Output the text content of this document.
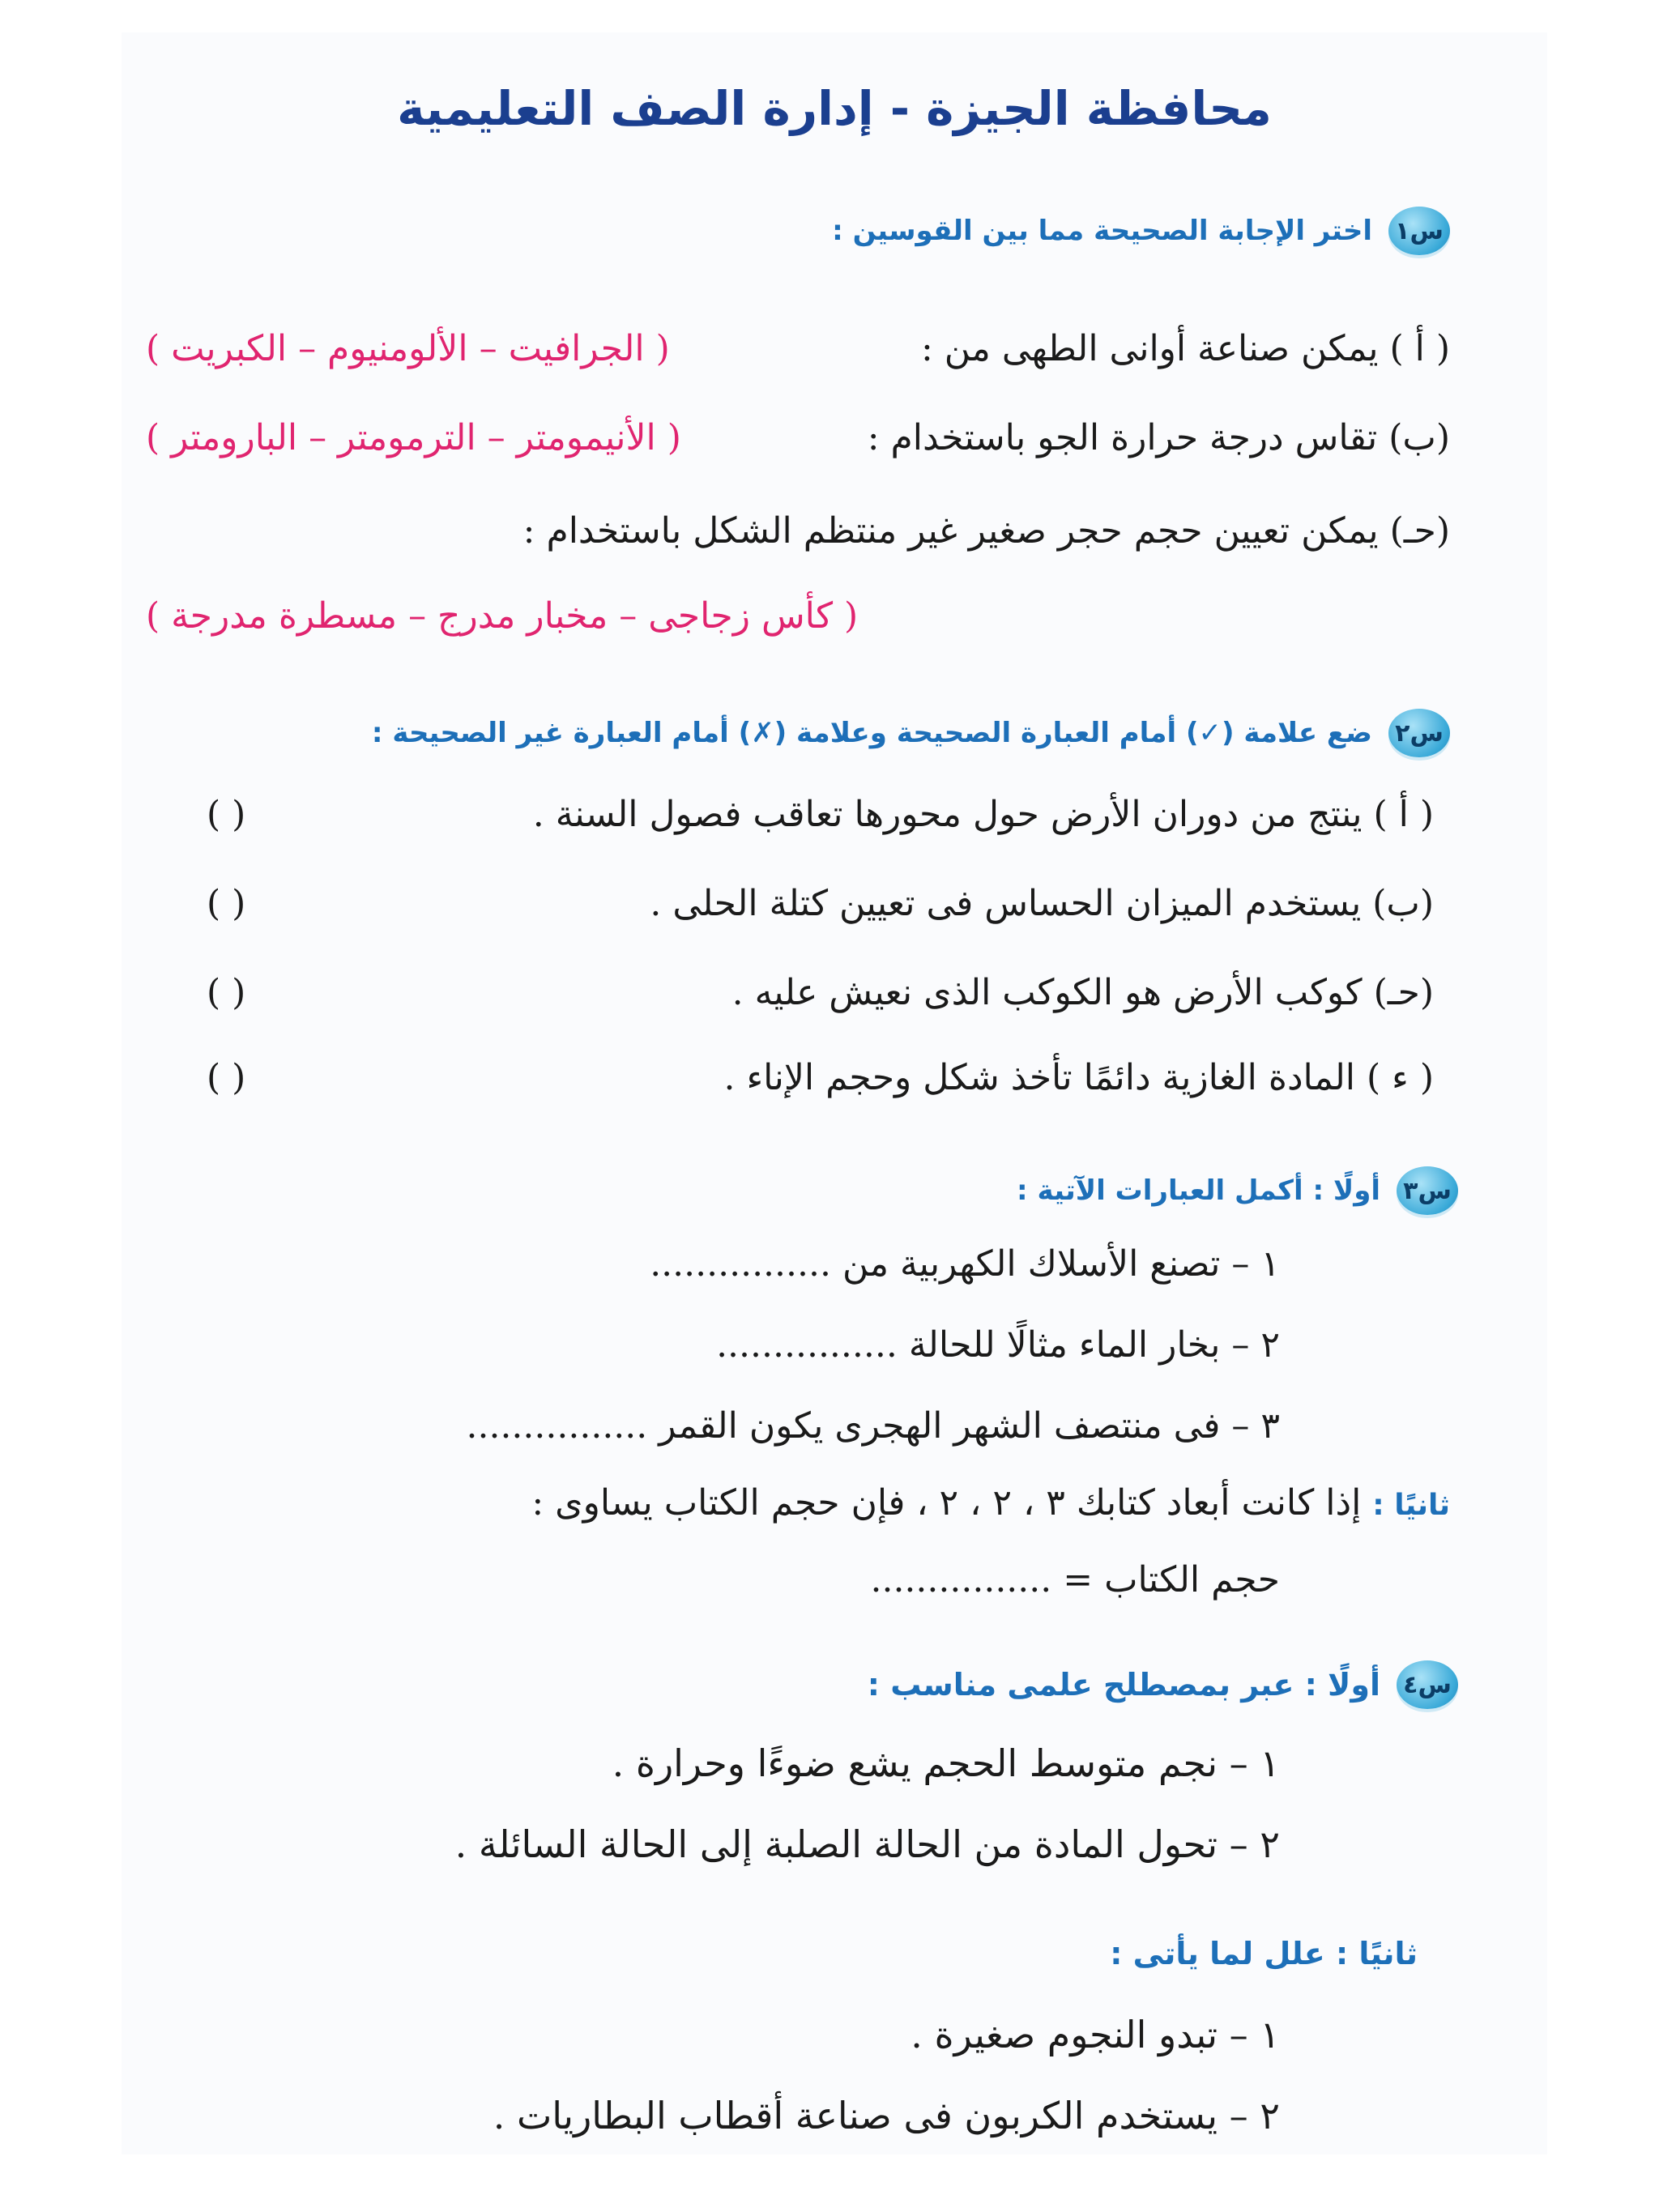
محافظة الجيزة - إدارة الصف التعليمية
س١
اختر الإجابة الصحيحة مما بين القوسين :
( أ ) يمكن صناعة أوانى الطهى من :
( الجرافيت – الألومنيوم – الكبريت )
(ب) تقاس درجة حرارة الجو باستخدام :
( الأنيمومتر – الترمومتر – البارومتر )
(حـ) يمكن تعيين حجم حجر صغير غير منتظم الشكل باستخدام :
( كأس زجاجى – مخبار مدرج – مسطرة مدرجة )
س٢
ضع علامة (✓) أمام العبارة الصحيحة وعلامة (✗) أمام العبارة غير الصحيحة :
( أ ) ينتج من دوران الأرض حول محورها تعاقب فصول السنة .
( )
(ب) يستخدم الميزان الحساس فى تعيين كتلة الحلى .
( )
(حـ) كوكب الأرض هو الكوكب الذى نعيش عليه .
( )
( ء ) المادة الغازية دائمًا تأخذ شكل وحجم الإناء .
( )
س٣
أولًا : أكمل العبارات الآتية :
١ – تصنع الأسلاك الكهربية من ................
٢ – بخار الماء مثالًا للحالة ................
٣ – فى منتصف الشهر الهجرى يكون القمر ................
ثانيًا : إذا كانت أبعاد كتابك ٣ ، ٢ ، ٢ ، فإن حجم الكتاب يساوى :
حجم الكتاب = ................
س٤
أولًا : عبر بمصطلح علمى مناسب :
١ – نجم متوسط الحجم يشع ضوءًا وحرارة .
٢ – تحول المادة من الحالة الصلبة إلى الحالة السائلة .
ثانيًا : علل لما يأتى :
١ – تبدو النجوم صغيرة .
٢ – يستخدم الكربون فى صناعة أقطاب البطاريات .
